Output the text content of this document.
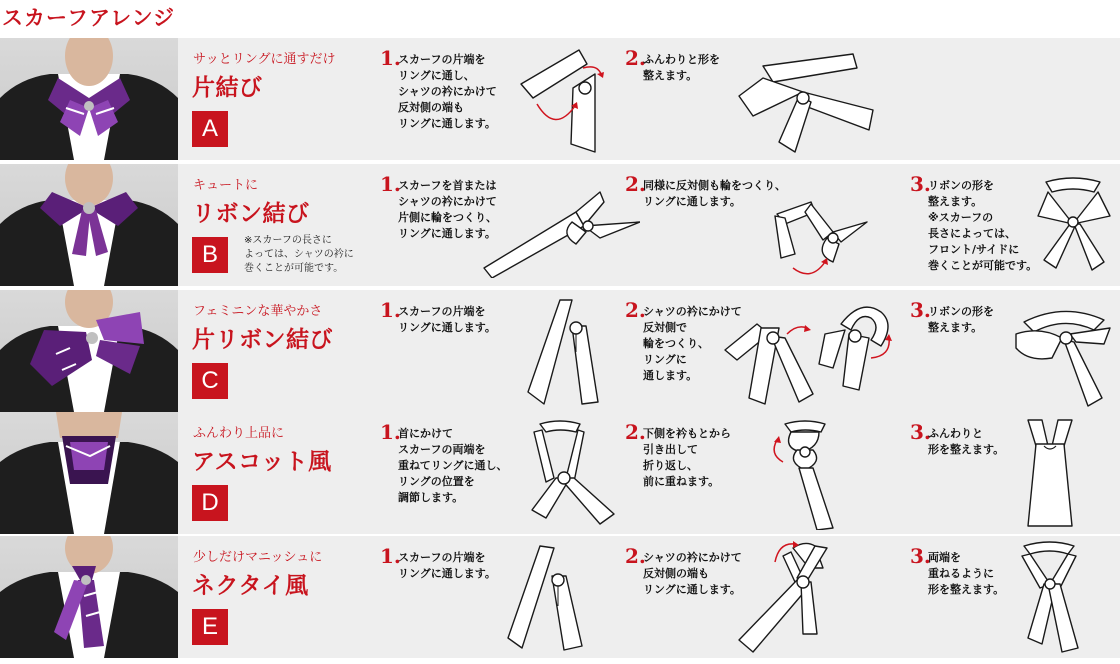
スカーフアレンジ

サッとリングに通すだけ

片結び
A
1.

スカーフの片端を
リングに通し、
シャツの衿にかけて
反対側の端も
リングに通します。

2.

ふんわりと形を
整えます。

キュートに

リボン結び
B

※スカーフの長さに
よっては、シャツの衿に
巻くことが可能です。

1.

スカーフを首または
シャツの衿にかけて
片側に輪をつくり、
リングに通します。

2.

同様に反対側も輪をつくり、
リングに通します。

3.

リボンの形を
整えます。
※スカーフの
長さによっては、
フロント/サイドに
巻くことが可能です。

フェミニンな華やかさ

片リボン結び
C
1.

スカーフの片端を
リングに通します。

2.

シャツの衿にかけて
反対側で
輪をつくり、
リングに
通します。

3.

リボンの形を
整えます。

ふんわり上品に

アスコット風
D
1.

首にかけて
スカーフの両端を
重ねてリングに通し、
リングの位置を
調節します。

2.

下側を衿もとから
引き出して
折り返し、
前に重ねます。

3.

ふんわりと
形を整えます。

少しだけマニッシュに

ネクタイ風
E
1.

スカーフの片端を
リングに通します。

2.

シャツの衿にかけて
反対側の端も
リングに通します。

3.

両端を
重ねるように
形を整えます。
